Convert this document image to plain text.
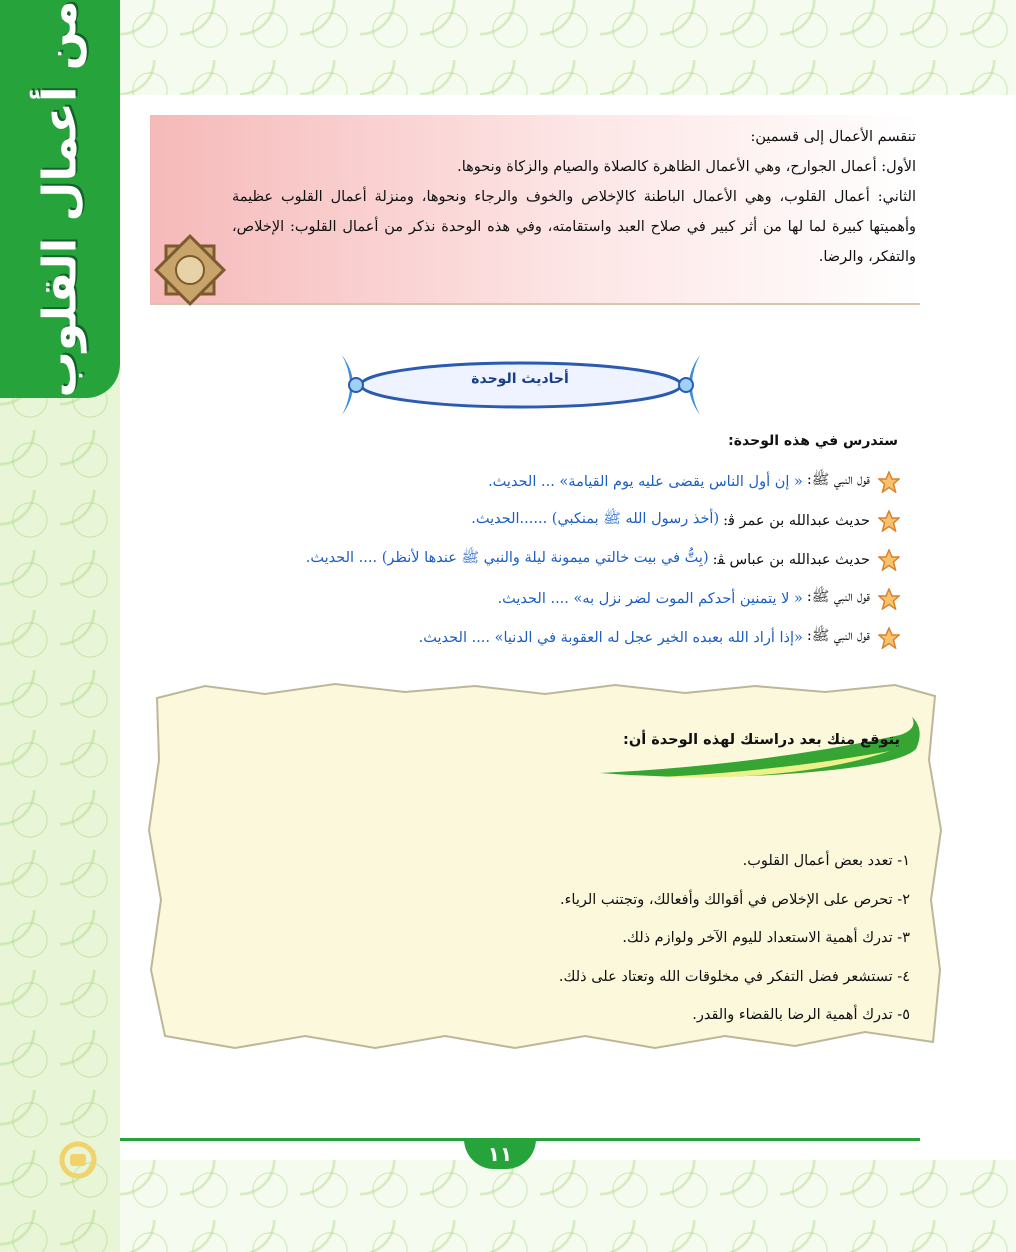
من أعمال القلوب	تنقسم الأعمال إلى قسمين:

الأول: أعمال الجوارح، وهي الأعمال الظاهرة كالصلاة والصيام والزكاة ونحوها.

الثاني: أعمال القلوب، وهي الأعمال الباطنة كالإخلاص والخوف والرجاء ونحوها، ومنزلة أعمال القلوب عظيمة وأهميتها كبيرة لما لها من أثر كبير في صلاح العبد واستقامته، وفي هذه الوحدة نذكر من أعمال القلوب: الإخلاص، والتفكر، والرضا.

أحاديث الوحدة
ستدرس في هذه الوحدة:
قول النبي ﷺ:
« إن أول الناس يقضى عليه يوم القيامة» ... الحديث.
حديث عبدالله بن عمر ﭬ:
(أخذ رسول الله ﷺ بمنكبي) ......الحديث.
حديث عبدالله بن عباس ﭭ:
(بِتُّ في بيت خالتي ميمونة ليلة والنبي ﷺ عندها لأنظر) .... الحديث.
قول النبي ﷺ:
« لا يتمنين أحدكم الموت لضر نزل به» .... الحديث.
قول النبي ﷺ:
«إذا أراد الله بعبده الخير عجل له العقوبة في الدنيا» .... الحديث.
يتوقع منك بعد دراستك لهذه الوحدة أن:
١- تعدد بعض أعمال القلوب.
٢- تحرص على الإخلاص في أقوالك وأفعالك، وتجتنب الرياء.
٣- تدرك أهمية الاستعداد لليوم الآخر ولوازم ذلك.
٤- تستشعر فضل التفكر في مخلوقات الله وتعتاد على ذلك.
٥- تدرك أهمية الرضا بالقضاء والقدر.
١١
